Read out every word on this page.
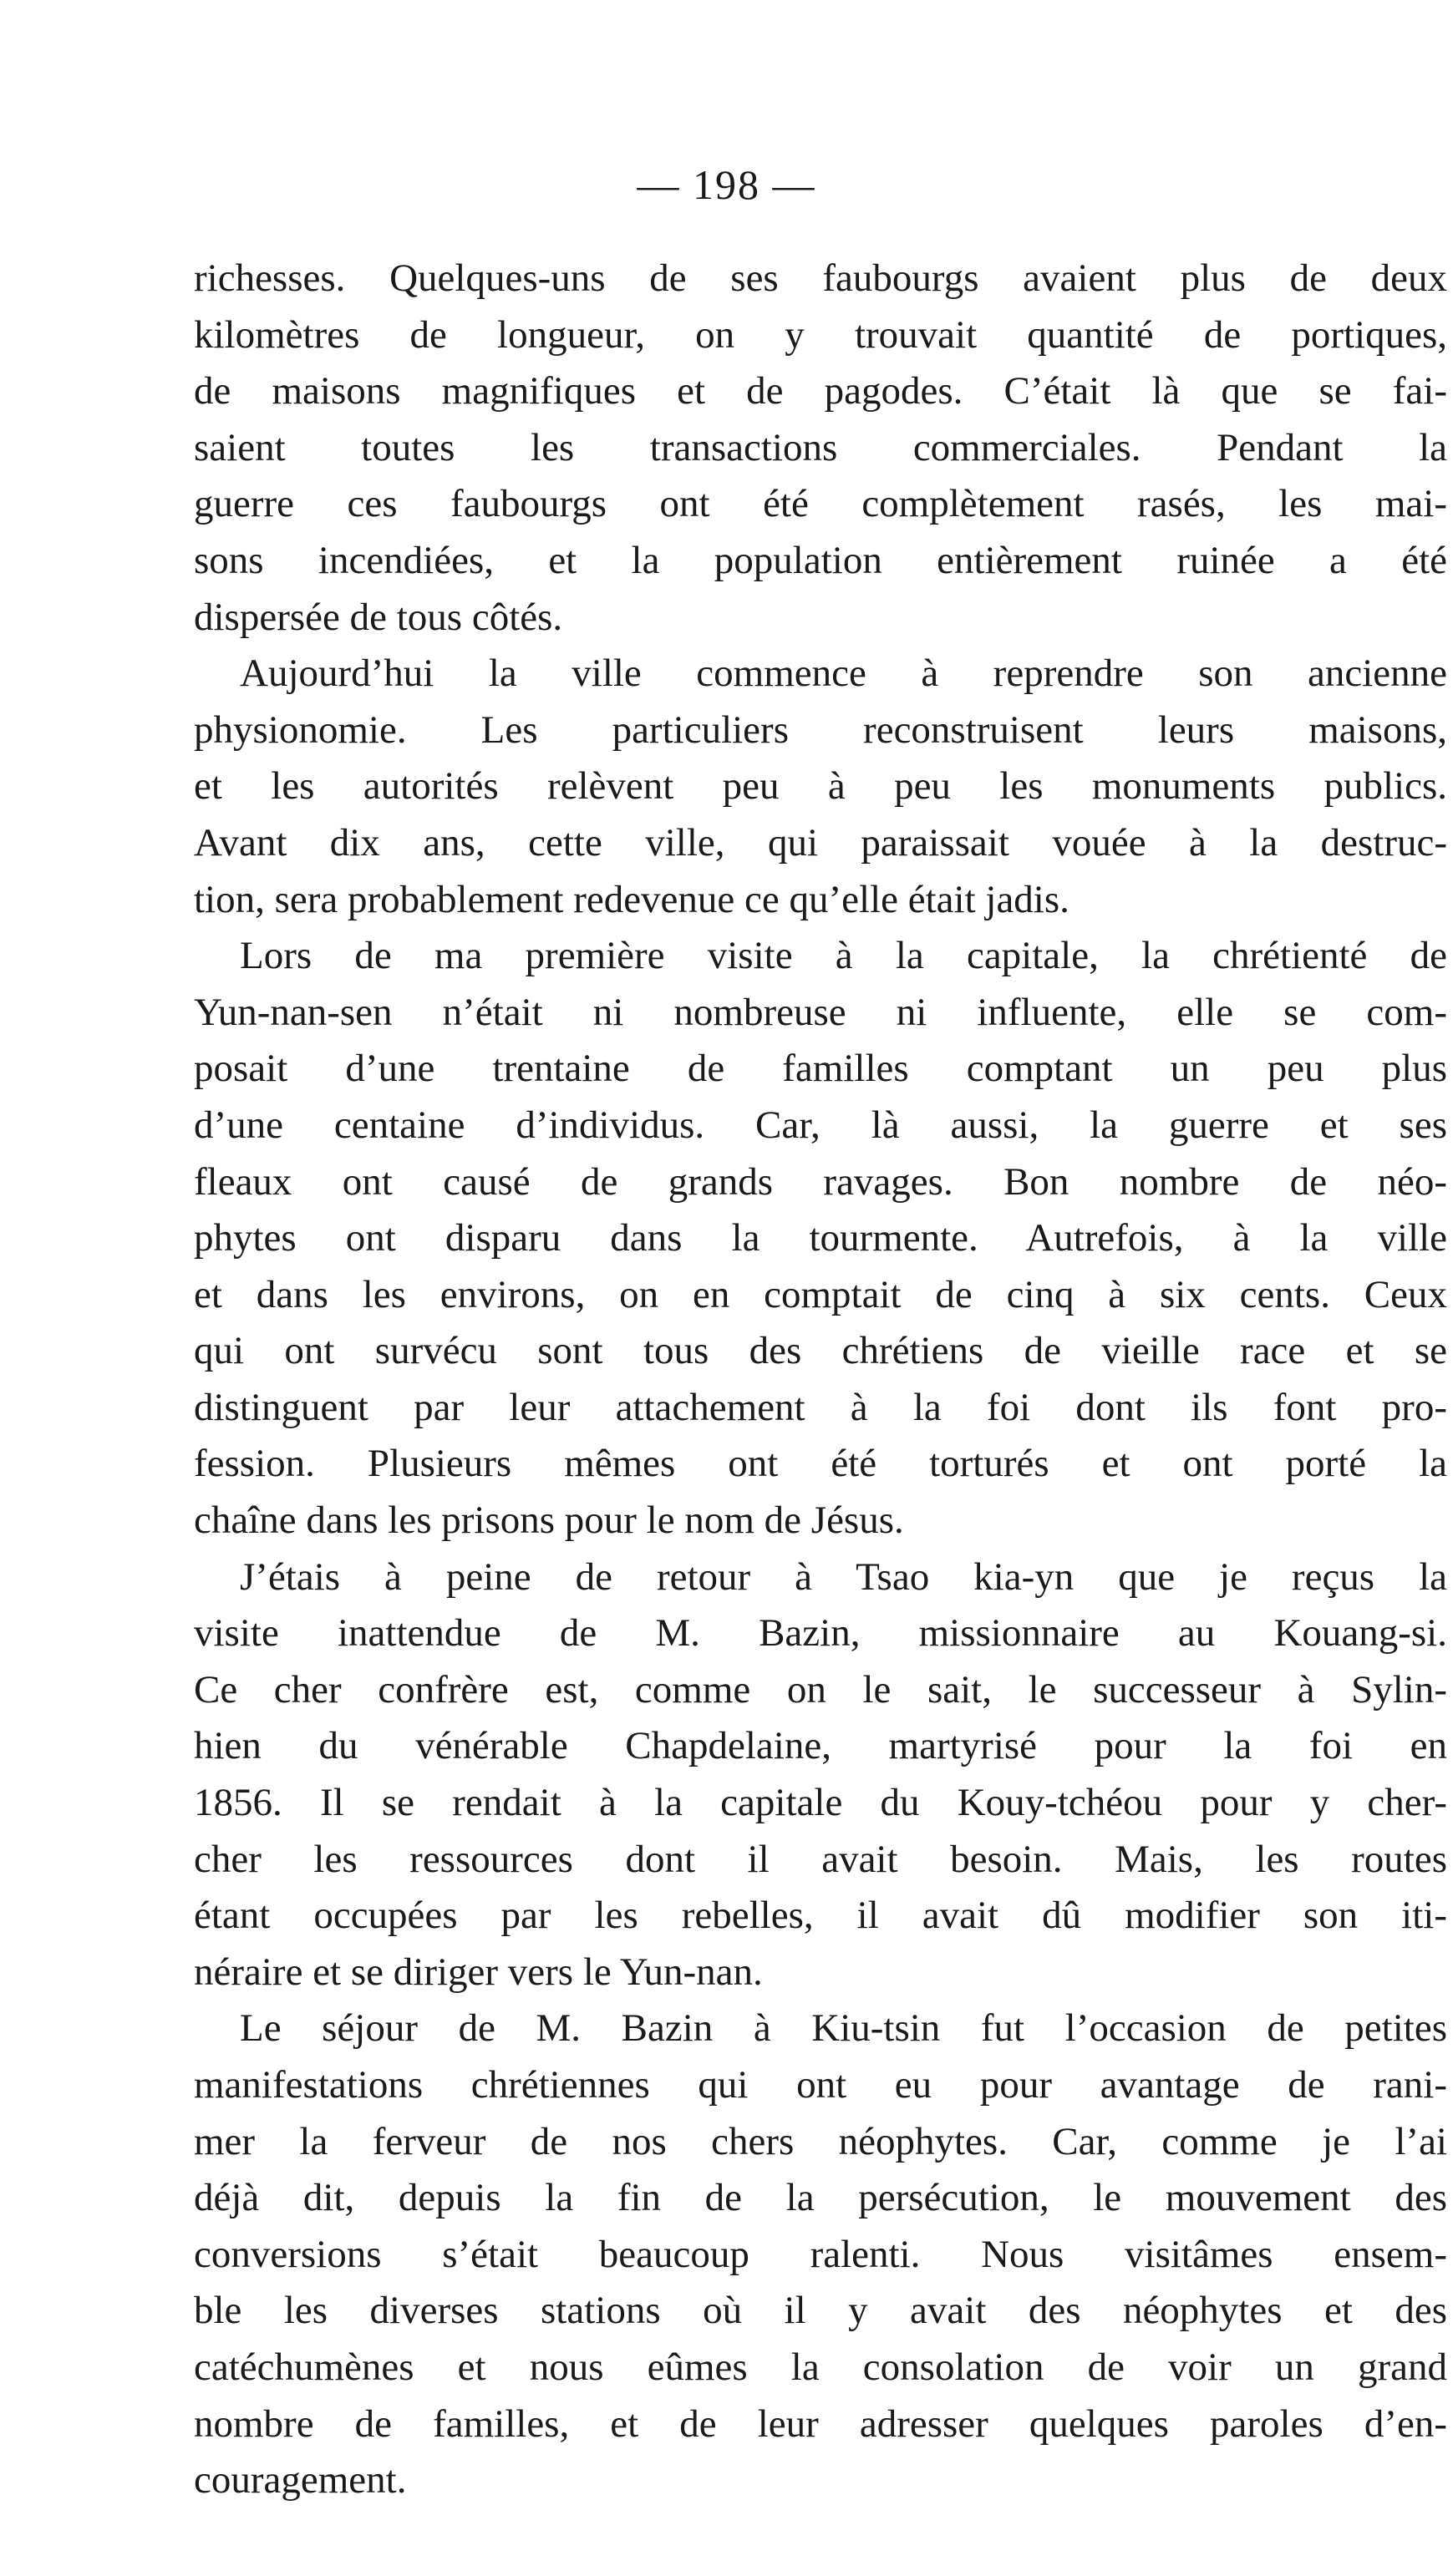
— 198 —
richesses. Quelques-uns de ses faubourgs avaient plus de deux
kilomètres de longueur, on y trouvait quantité de portiques,
de maisons magnifiques et de pagodes. C’était là que se fai-
saient toutes les transactions commerciales. Pendant la
guerre ces faubourgs ont été complètement rasés, les mai-
sons incendiées, et la population entièrement ruinée a été
dispersée de tous côtés.
Aujourd’hui la ville commence à reprendre son ancienne
physionomie. Les particuliers reconstruisent leurs maisons,
et les autorités relèvent peu à peu les monuments publics.
Avant dix ans, cette ville, qui paraissait vouée à la destruc-
tion, sera probablement redevenue ce qu’elle était jadis.
Lors de ma première visite à la capitale, la chrétienté de
Yun-nan-sen n’était ni nombreuse ni influente, elle se com-
posait d’une trentaine de familles comptant un peu plus
d’une centaine d’individus. Car, là aussi, la guerre et ses
fleaux ont causé de grands ravages. Bon nombre de néo-
phytes ont disparu dans la tourmente. Autrefois, à la ville
et dans les environs, on en comptait de cinq à six cents. Ceux
qui ont survécu sont tous des chrétiens de vieille race et se
distinguent par leur attachement à la foi dont ils font pro-
fession. Plusieurs mêmes ont été torturés et ont porté la
chaîne dans les prisons pour le nom de Jésus.
J’étais à peine de retour à Tsao kia-yn que je reçus la
visite inattendue de M. Bazin, missionnaire au Kouang-si.
Ce cher confrère est, comme on le sait, le successeur à Sylin-
hien du vénérable Chapdelaine, martyrisé pour la foi en
1856. Il se rendait à la capitale du Kouy-tchéou pour y cher-
cher les ressources dont il avait besoin. Mais, les routes
étant occupées par les rebelles, il avait dû modifier son iti-
néraire et se diriger vers le Yun-nan.
Le séjour de M. Bazin à Kiu-tsin fut l’occasion de petites
manifestations chrétiennes qui ont eu pour avantage de rani-
mer la ferveur de nos chers néophytes. Car, comme je l’ai
déjà dit, depuis la fin de la persécution, le mouvement des
conversions s’était beaucoup ralenti. Nous visitâmes ensem-
ble les diverses stations où il y avait des néophytes et des
catéchumènes et nous eûmes la consolation de voir un grand
nombre de familles, et de leur adresser quelques paroles d’en-
couragement.
